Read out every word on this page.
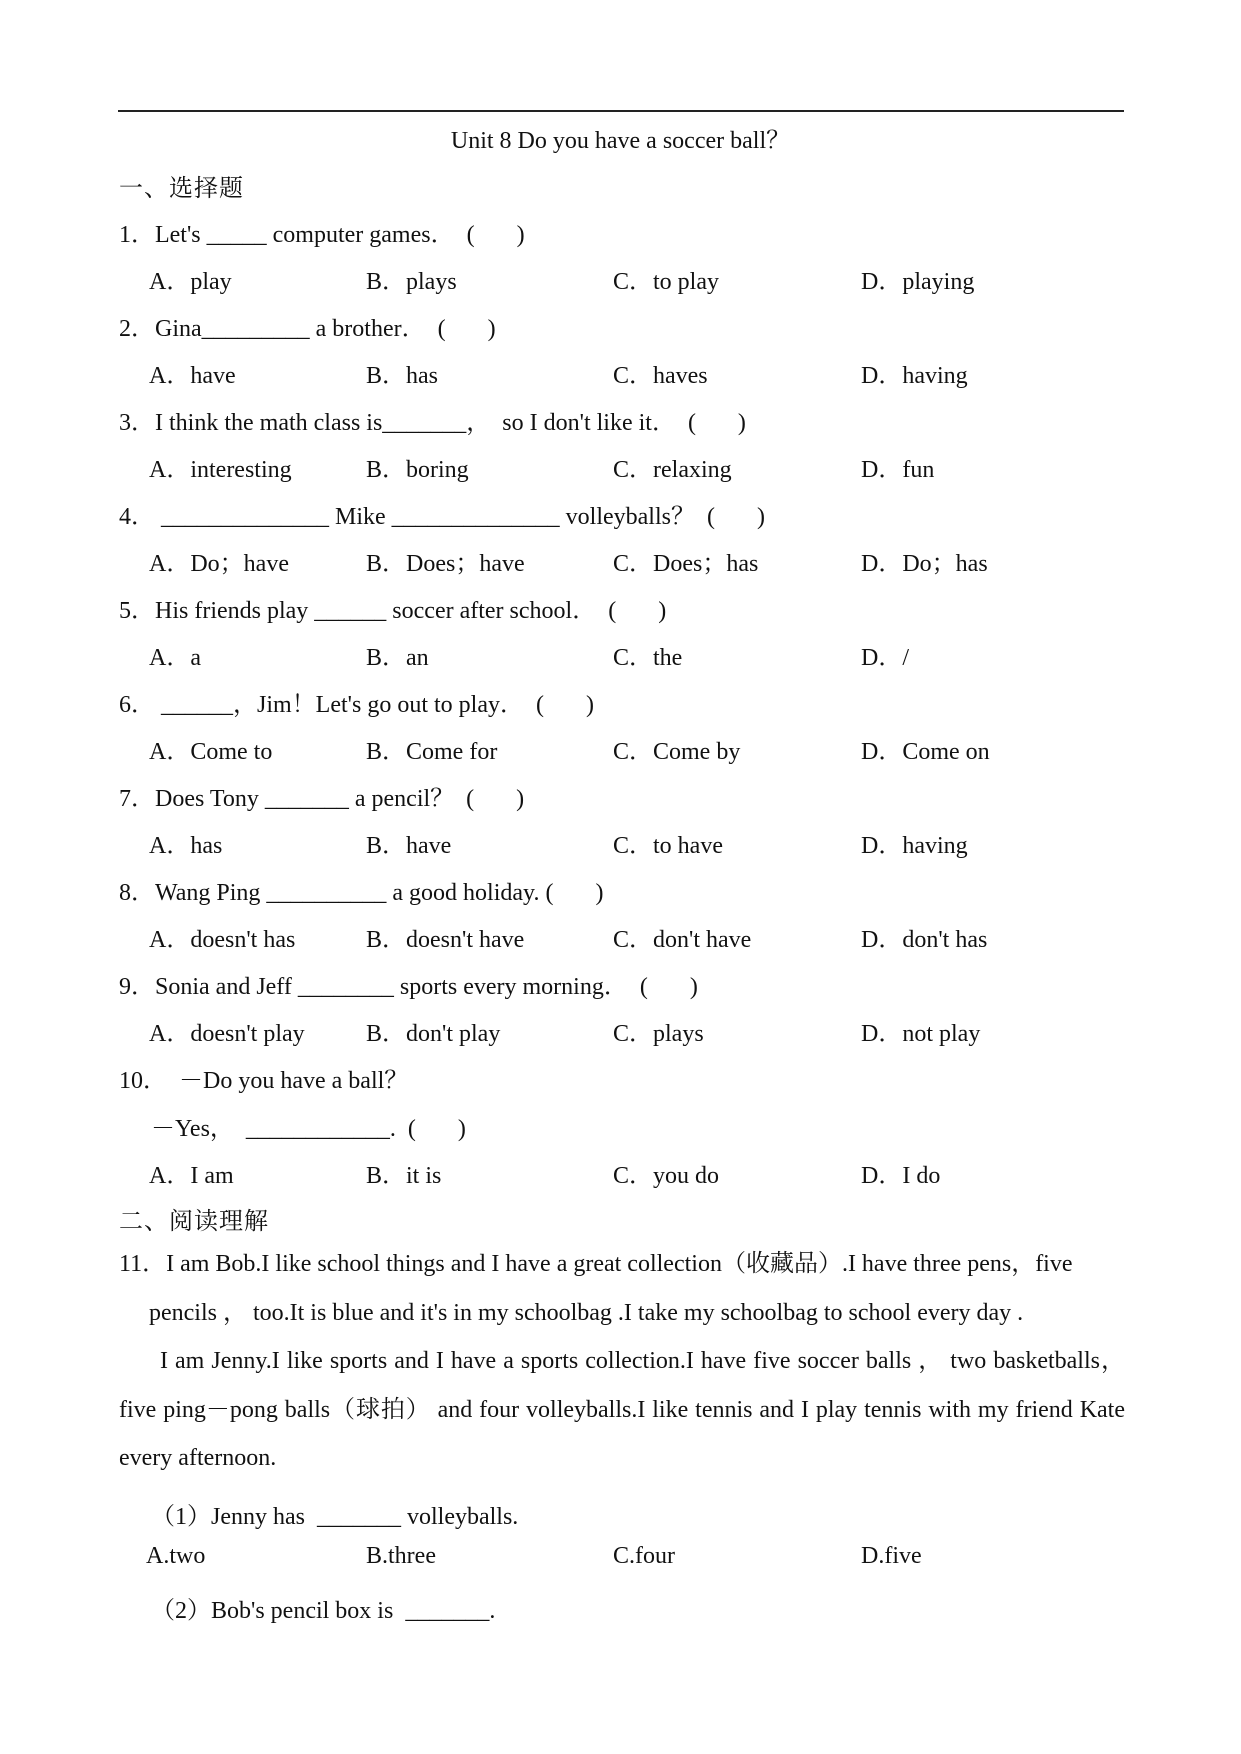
Unit 8 Do you have a soccer ball？
一、选择题
1．Let's _____ computer games．  (       )
A．play	B．plays	C．to play	D．playing
2．Gina_________ a brother．  (       )
A．have	B．has	C．haves	D．having
3．I think the math class is_______，  so I don't like it．  (       )
A．interesting	B．boring	C．relaxing	D．fun
4． ______________ Mike ______________ volleyballs？  (       )
A．Do；have	B．Does；have	C．Does；has	D．Do；has
5．His friends play ______ soccer after school．  (       )
A．a	B．an	C．the	D．/
6． ______，Jim！Let's go out to play．  (       )
A．Come to	B．Come for	C．Come by	D．Come on
7．Does Tony _______ a pencil？  (       )
A．has	B．have	C．to have	D．having
8．Wang Ping __________ a good holiday. (       )
A．doesn't has	B．doesn't have	C．don't have	D．don't has
9．Sonia and Jeff ________ sports every morning．  (       )
A．doesn't play	B．don't play	C．plays	D．not play
10．  －Do you have a ball？
－Yes，  ____________.  (       )
A．I am	B．it is	C．you do	D．I do
二、阅读理解
11．I am Bob.I like school things and I have a great collection（收藏品）.I have three pens，five
pencils ， too.It is blue and it's in my schoolbag .I take my schoolbag to school every day .
I am Jenny.I like sports and I have a sports collection.I have five soccer balls ， two basketballs，five ping－pong balls（球拍） and four volleyballs.I like tennis and I play tennis with my friend Kate every afternoon.
（1）Jenny has  _______ volleyballs.
A.two	B.three	C.four	D.five
（2）Bob's pencil box is  _______.
